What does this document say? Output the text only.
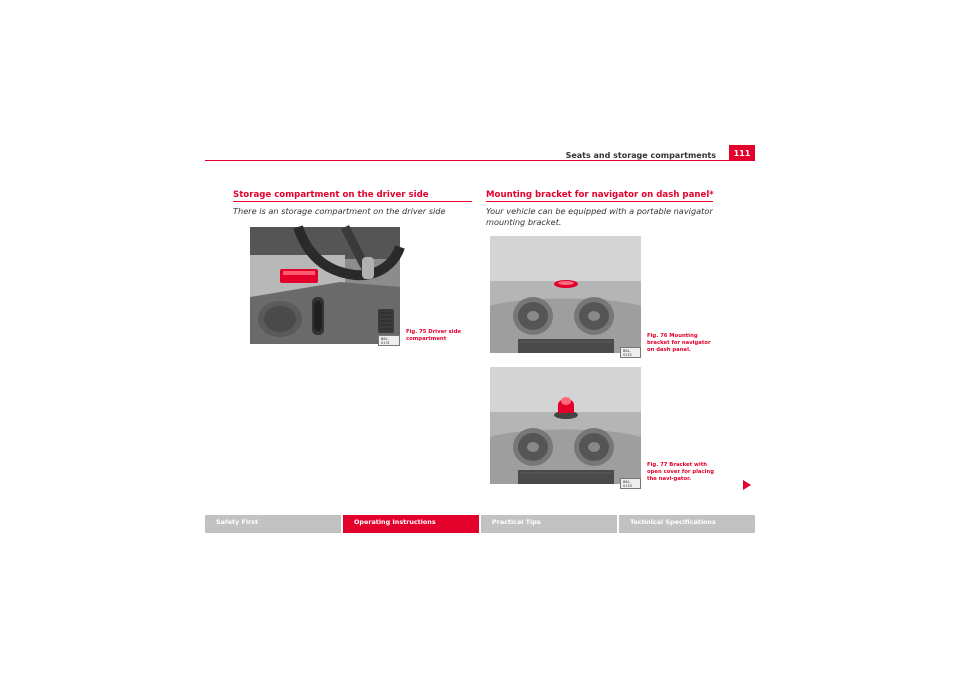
Seats and storage compartments	111
Storage compartment on the driver side
There is an storage compartment on the driver side
B6L-0131
Fig. 75 Driver side compartment
Mounting bracket for navigator on dash panel*
Your vehicle can be equipped with a portable navigator mounting bracket.
B6L-0152
Fig. 76 Mounting bracket for navigator on dash panel.
B6L-0153
Fig. 77 Bracket with open cover for placing the navi-gator.
Safety First	Operating Instructions	Practical Tips	Technical Specifications
